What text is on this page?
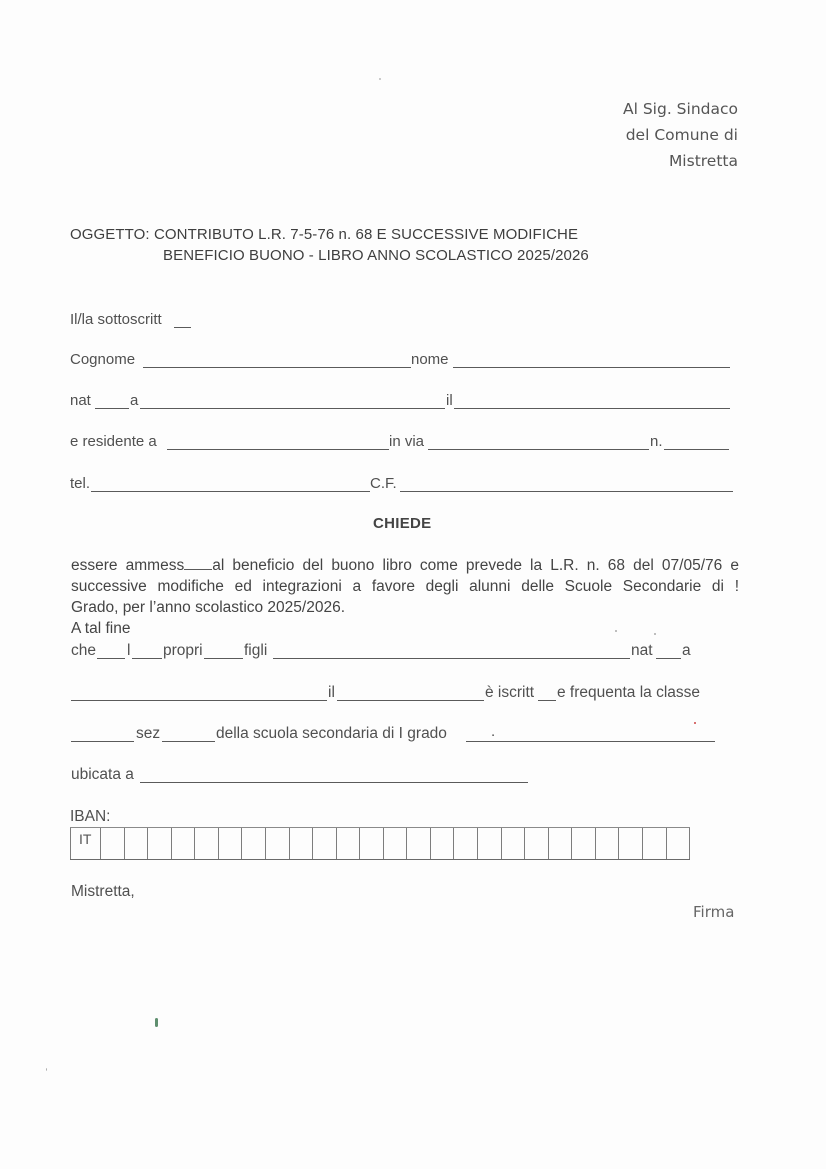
Al Sig. Sindaco
del Comune di
Mistretta
OGGETTO: CONTRIBUTO L.R. 7-5-76 n. 68 E SUCCESSIVE MODIFICHE
BENEFICIO BUONO - LIBRO ANNO SCOLASTICO 2025/2026
Il/la sottoscritt
Cognome	nome
nat	a	il
e residente a	in via	n.
tel.	C.F.
CHIEDE
essere ammess al beneficio del buono libro come prevede la L.R. n. 68 del 07/05/76 e
successive modifiche ed integrazioni a favore degli alunni delle Scuole Secondarie di !
Grado, per l’anno scolastico 2025/2026.
A tal fine
che l propri	figli	nat a
il	è iscritt e frequenta la classe
sez	della scuola secondaria di I grado	.
ubicata a
IBAN:
IT
Mistretta,
Firma
